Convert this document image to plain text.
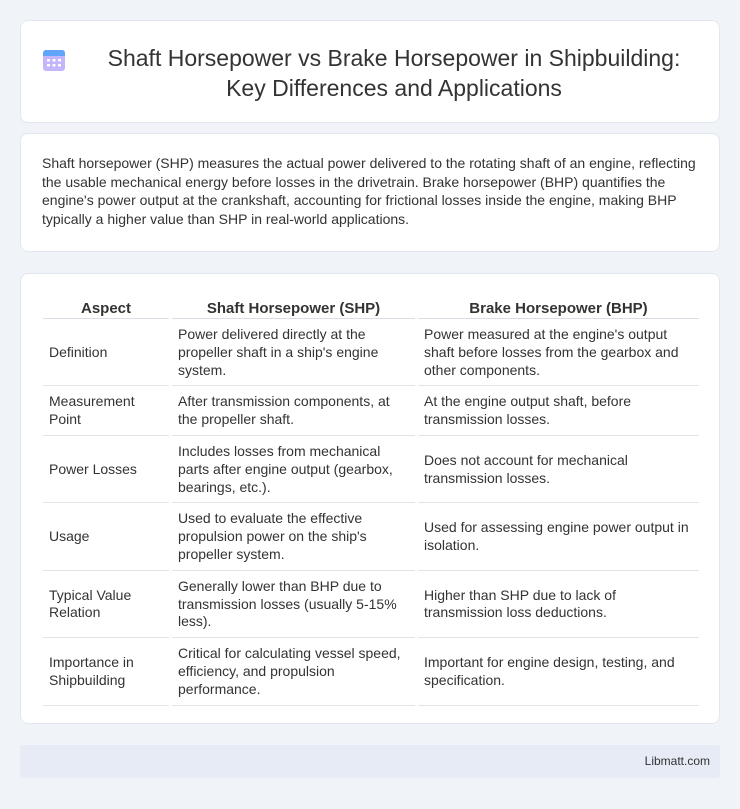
Shaft Horsepower vs Brake Horsepower in Shipbuilding: Key Differences and Applications

Shaft horsepower (SHP) measures the actual power delivered to the rotating shaft of an engine, reflecting the usable mechanical energy before losses in the drivetrain. Brake horsepower (BHP) quantifies the engine's power output at the crankshaft, accounting for frictional losses inside the engine, making BHP typically a higher value than SHP in real-world applications.

Aspect	Shaft Horsepower (SHP)	Brake Horsepower (BHP)
Definition	Power delivered directly at the propeller shaft in a ship's engine system.	Power measured at the engine's output shaft before losses from the gearbox and other components.
Measurement Point	After transmission components, at the propeller shaft.	At the engine output shaft, before transmission losses.
Power Losses	Includes losses from mechanical parts after engine output (gearbox, bearings, etc.).	Does not account for mechanical transmission losses.
Usage	Used to evaluate the effective propulsion power on the ship's propeller system.	Used for assessing engine power output in isolation.
Typical Value Relation	Generally lower than BHP due to transmission losses (usually 5-15% less).	Higher than SHP due to lack of transmission loss deductions.
Importance in Shipbuilding	Critical for calculating vessel speed, efficiency, and propulsion performance.	Important for engine design, testing, and specification.
Libmatt.com
